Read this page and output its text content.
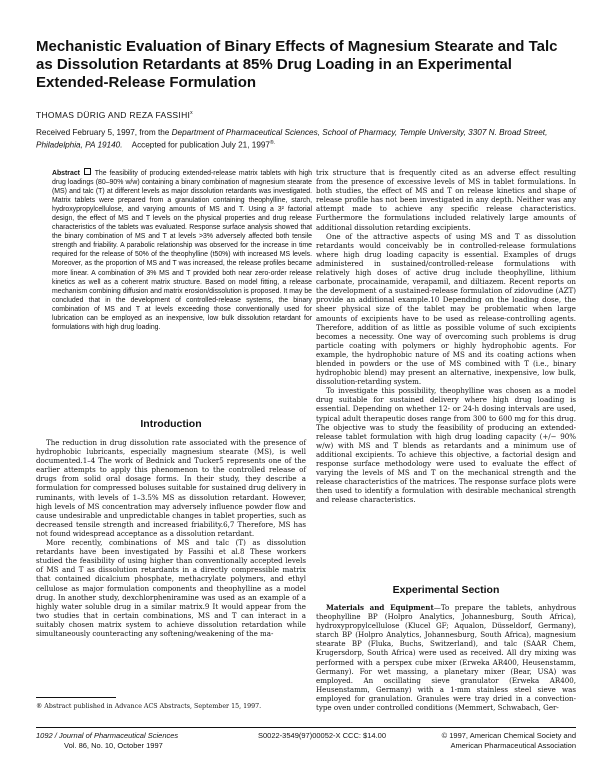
Mechanistic Evaluation of Binary Effects of Magnesium Stearate and Talc as Dissolution Retardants at 85% Drug Loading in an Experimental Extended-Release Formulation

THOMAS DÜRIG AND REZA FASSIHI$^x$

Received February 5, 1997, from the Department of Pharmaceutical Sciences, School of Pharmacy, Temple University, 3307 N. Broad Street, Philadelphia, PA 19140. Accepted for publication July 21, 1997®.

Abstract The feasibility of producing extended-release matrix tablets with high drug loadings (80–90% w/w) containing a binary combination of magnesium stearate (MS) and talc (T) at different levels as major dissolution retardants was investigated. Matrix tablets were prepared from a granulation containing theophylline, starch, hydroxypropylcellulose, and varying amounts of MS and T. Using a 3² factorial design, the effect of MS and T levels on the physical properties and drug release characteristics of the tablets was evaluated. Response surface analysis showed that the binary combination of MS and T at levels >3% adversely affected both tensile strength and friability. A parabolic relationship was observed for the increase in time required for the release of 50% of the theophylline (t50%) with increased MS levels. Moreover, as the proportion of MS and T was increased, the release profiles became more linear. A combination of 3% MS and T provided both near zero-order release kinetics as well as a coherent matrix structure. Based on model fitting, a release mechanism combining diffusion and matrix erosion/dissolution is proposed. It may be concluded that in the development of controlled-release systems, the binary combination of MS and T at levels exceeding those conventionally used for lubrication can be employed as an inexpensive, low bulk dissolution retardant for formulations with high drug loading.

Introduction

The reduction in drug dissolution rate associated with the presence of hydrophobic lubricants, especially magnesium stearate (MS), is well documented.1–4 The work of Bednick and Tucker5 represents one of the earlier attempts to apply this phenomenon to the controlled release of drugs from solid oral dosage forms. In their study, they describe a formulation for compressed boluses suitable for sustained drug delivery in ruminants, with levels of 1–3.5% MS as dissolution retardant. However, high levels of MS concentration may adversely influence powder flow and cause undesirable and unpredictable changes in tablet properties, such as decreased tensile strength and increased friability.6,7 Therefore, MS has not found widespread acceptance as a dissolution retardant.

More recently, combinations of MS and talc (T) as dissolution retardants have been investigated by Fassihi et al.8 These workers studied the feasibility of using higher than conventionally accepted levels of MS and T as dissolution retardants in a directly compressible matrix that contained dicalcium phosphate, methacrylate polymers, and ethyl cellulose as major formulation components and theophylline as a model drug. In another study, dexchlorpheniramine was used as an example of a highly water soluble drug in a similar matrix.9 It would appear from the two studies that in certain combinations, MS and T can interact in a suitably chosen matrix system to achieve dissolution retardation while simultaneously counteracting any softening/weakening of the ma-

® Abstract published in Advance ACS Abstracts, September 15, 1997.

trix structure that is frequently cited as an adverse effect resulting from the presence of excessive levels of MS in tablet formulations. In both studies, the effect of MS and T on release kinetics and shape of release profile has not been investigated in any depth. Neither was any attempt made to achieve any specific release characteristics. Furthermore the formulations included relatively large amounts of additional dissolution retarding excipients.

One of the attractive aspects of using MS and T as dissolution retardants would conceivably be in controlled-release formulations where high drug loading capacity is essential. Examples of drugs administered in sustained/controlled-release formulations with relatively high doses of active drug include theophylline, lithium carbonate, procainamide, verapamil, and diltiazem. Recent reports on the development of a sustained-release formulation of zidovudine (AZT) provide an additional example.10 Depending on the loading dose, the sheer physical size of the tablet may be problematic when large amounts of excipients have to be used as release-controlling agents. Therefore, addition of as little as possible volume of such excipients becomes a necessity. One way of overcoming such problems is drug particle coating with polymers or highly hydrophobic agents. For example, the hydrophobic nature of MS and its coating actions when blended in powders or the use of MS combined with T (i.e., binary hydrophobic blend) may present an alternative, inexpensive, low bulk, dissolution-retarding system.

To investigate this possibility, theophylline was chosen as a model drug suitable for sustained delivery where high drug loading is essential. Depending on whether 12- or 24-h dosing intervals are used, typical adult therapeutic doses range from 300 to 600 mg for this drug. The objective was to study the feasibility of producing an extended-release tablet formulation with high drug loading capacity (+/− 90% w/w) with MS and T blends as retardants and a minimum use of additional excipients. To achieve this objective, a factorial design and response surface methodology were used to evaluate the effect of varying the levels of MS and T on the mechanical strength and the release characteristics of the matrices. The response surface plots were then used to identify a formulation with desirable mechanical strength and release characteristics.

Experimental Section

Materials and Equipment—To prepare the tablets, anhydrous theophylline BP (Holpro Analytics, Johannesburg, South Africa), hydroxypropylcellulose (Klucel GF; Aqualon, Düsseldorf, Germany), starch BP (Holpro Analytics, Johannesburg, South Africa), magnesium stearate BP (Fluka, Buchs, Switzerland), and talc (SAAR Chem, Krugersdorp, South Africa) were used as received. All dry mixing was performed with a perspex cube mixer (Erweka AR400, Heusenstamm, Germany). For wet massing, a planetary mixer (Bear, USA) was employed. An oscillating sieve granulator (Erweka AR400, Heusenstamm, Germany) with a 1-mm stainless steel sieve was employed for granulation. Granules were tray dried in a convection-type oven under controlled conditions (Memmert, Schwabach, Ger-

1092 / Journal of Pharmaceutical Sciences
Vol. 86, No. 10, October 1997
S0022-3549(97)00052-X CCC: $14.00	© 1997, American Chemical Society and
American Pharmaceutical Association
